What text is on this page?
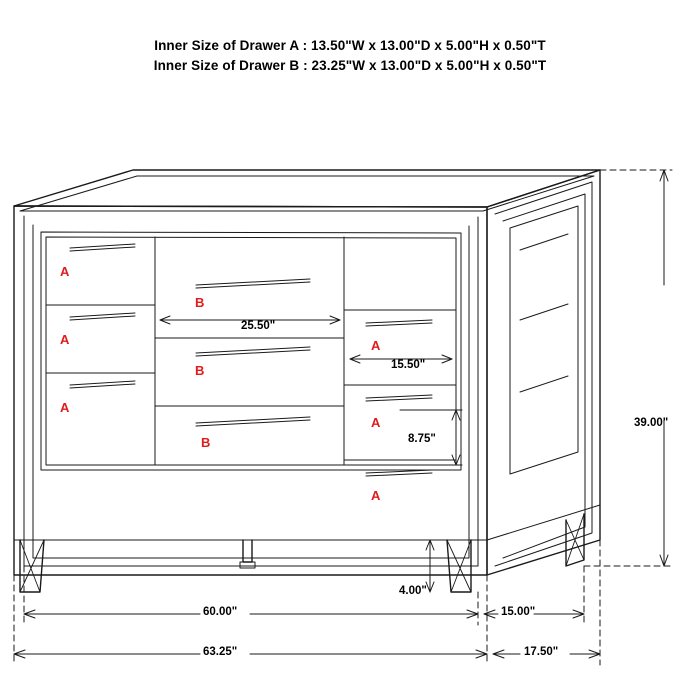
Inner Size of Drawer A : 13.50"W x 13.00"D x 5.00"H x 0.50"T
Inner Size of Drawer B : 23.25"W x 13.00"D x 5.00"H x 0.50"T
A
A
A
B
B
B
A
A
A
25.50"
15.50"
8.75"
39.00"
4.00"
60.00"	15.00"
63.25"	17.50"
